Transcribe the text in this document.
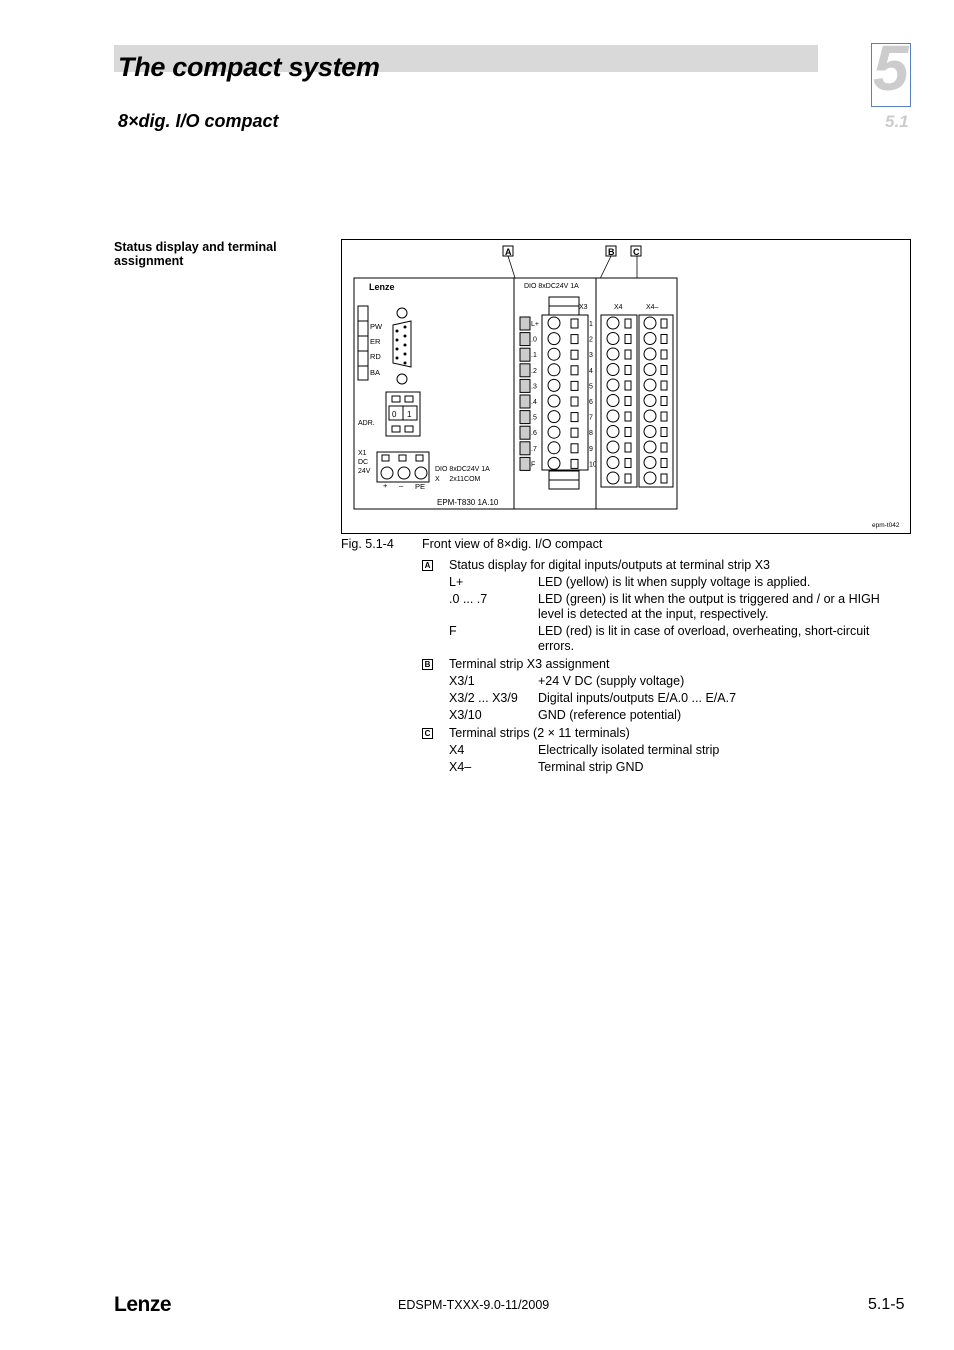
The compact system
8×dig. I/O compact
5
5.1
Status display and terminal assignment
A	B C
Lenze
PW
ER
RD
BA
0 1
ADR.
X1
DC
24V
+ – PE
DIO 8xDC24V 1A
X     2x11COM
EPM-T830 1A.10
DIO 8xDC24V 1A
X3
L+	1
.0	2
.1	3
.2	4
.3	5
.4	6
.5	7
.6	8
.7	9
F	10
X4	X4–
epm-t042
Fig. 5.1-4 Front view of 8×dig. I/O compact
A Status display for digital inputs/outputs at terminal strip X3
L+	LED (yellow) is lit when supply voltage is applied.
.0 ... .7	LED (green) is lit when the output is triggered and / or a HIGH level is detected at the input, respectively.
F	LED (red) is lit in case of overload, overheating, short-circuit errors.
B Terminal strip X3 assignment
X3/1	+24 V DC (supply voltage)
X3/2 ... X3/9	Digital inputs/outputs E/A.0 ... E/A.7
X3/10	GND (reference potential)
C Terminal strips (2 × 11 terminals)
X4	Electrically isolated terminal strip
X4–	Terminal strip GND
Lenze	EDSPM-TXXX-9.0-11/2009	5.1-5
